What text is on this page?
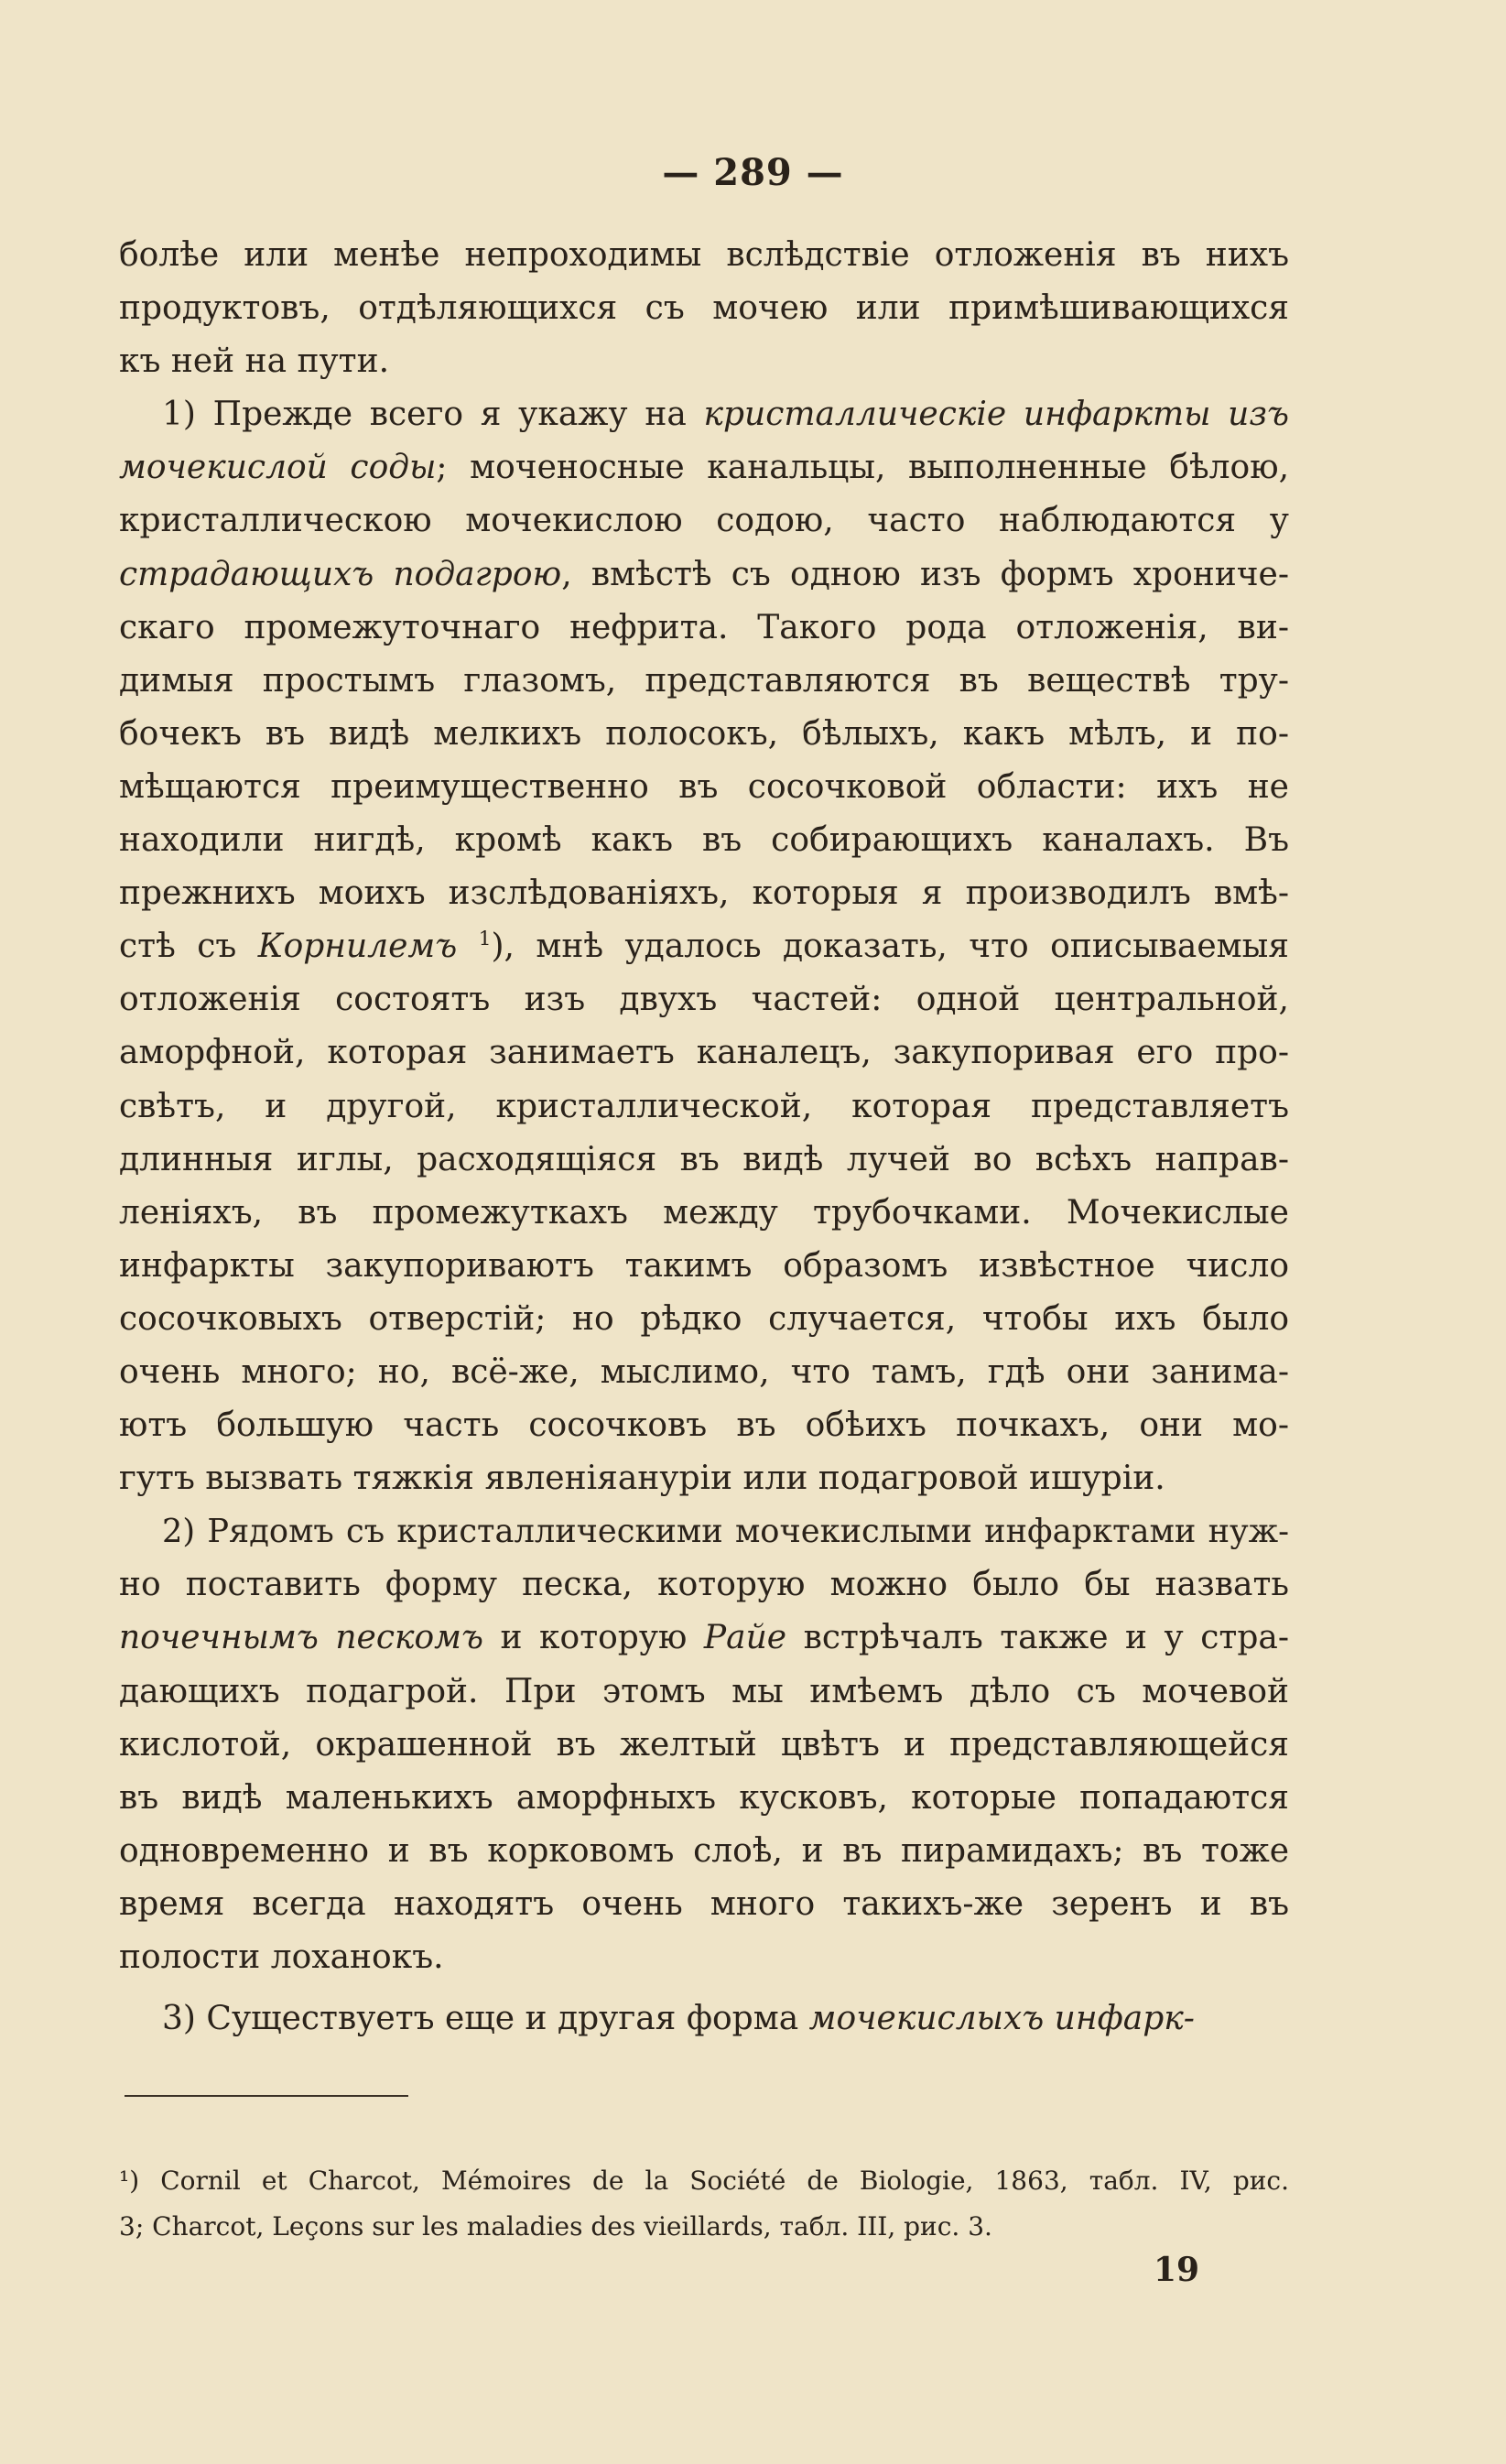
— 289 —
болѣе или менѣе непроходимы вслѣдствіе отложенія въ нихъ
продуктовъ, отдѣляющихся съ мочею или примѣшивающихся
къ ней на пути.
1) Прежде всего я укажу на кристаллическіе инфаркты изъ
мочекислой соды; моченосные канальцы, выполненные бѣлою,
кристаллическою мочекислою содою, часто наблюдаются у
страдающихъ подагрою, вмѣстѣ съ одною изъ формъ хрониче-
скаго промежуточнаго нефрита. Такого рода отложенія, ви-
димыя простымъ глазомъ, представляются въ веществѣ тру-
бочекъ въ видѣ мелкихъ полосокъ, бѣлыхъ, какъ мѣлъ, и по-
мѣщаются преимущественно въ сосочковой области: ихъ не
находили нигдѣ, кромѣ какъ въ собирающихъ каналахъ. Въ
прежнихъ моихъ изслѣдованіяхъ, которыя я производилъ вмѣ-
стѣ съ Корнилемъ $^1$), мнѣ удалось доказать, что описываемыя
отложенія состоятъ изъ двухъ частей: одной центральной,
аморфной, которая занимаетъ каналецъ, закупоривая его про-
свѣтъ, и другой, кристаллической, которая представляетъ
длинныя иглы, расходящіяся въ видѣ лучей во всѣхъ направ-
леніяхъ, въ промежуткахъ между трубочками. Мочекислые
инфаркты закупориваютъ такимъ образомъ извѣстное число
сосочковыхъ отверстій; но рѣдко случается, чтобы ихъ было
очень много; но, всё-же, мыслимо, что тамъ, гдѣ они занима-
ютъ большую часть сосочковъ въ обѣихъ почкахъ, они мо-
гутъ вызвать тяжкія явленіяануріи или подагровой ишуріи.
2) Рядомъ съ кристаллическими мочекислыми инфарктами нуж-
но поставить форму песка, которую можно было бы назвать
почечнымъ пескомъ и которую Райе встрѣчалъ также и у стра-
дающихъ подагрой. При этомъ мы имѣемъ дѣло съ мочевой
кислотой, окрашенной въ желтый цвѣтъ и представляющейся
въ видѣ маленькихъ аморфныхъ кусковъ, которые попадаются
одновременно и въ корковомъ слоѣ, и въ пирамидахъ; въ тоже
время всегда находятъ очень много такихъ-же зеренъ и въ
полости лоханокъ.
3) Существуетъ еще и другая форма мочекислыхъ инфарк-
¹) Cornil et Charcot, Mémoires de la Société de Biologie, 1863, табл. IV, рис.
3; Charcot, Leçons sur les maladies des vieillards, табл. III, рис. 3.
19
